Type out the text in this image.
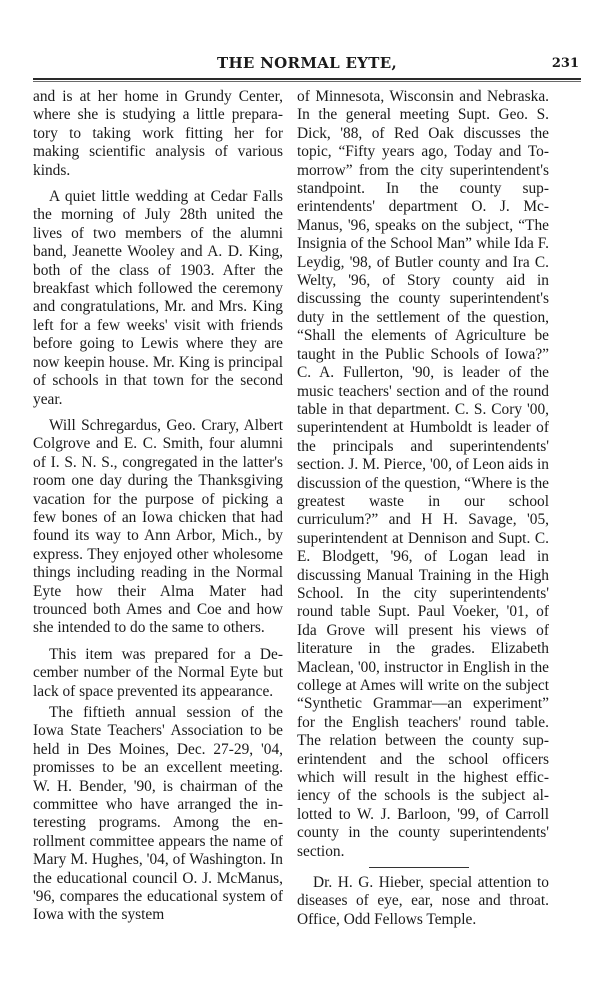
THE NORMAL EYTE,	231

and is at her home in Grundy Center, where she is studying a little preparatory to taking work fitting her for making scientific analysis of various kinds.

A quiet little wedding at Cedar Falls the morning of July 28th united the lives of two members of the alumni band, Jeanette Wooley and A. D. King, both of the class of 1903. After the breakfast which followed the ceremony and congratulations, Mr. and Mrs. King left for a few weeks' visit with friends before going to Lewis where they are now keepin house. Mr. King is principal of schools in that town for the second year.

Will Schregardus, Geo. Crary, Albert Colgrove and E. C. Smith, four alumni of I. S. N. S., congregated in the latter's room one day during the Thanksgiving vacation for the purpose of picking a few bones of an Iowa chicken that had found its way to Ann Arbor, Mich., by express. They enjoyed other wholesome things including reading in the Normal Eyte how their Alma Mater had trounced both Ames and Coe and how she intended to do the same to others.

This item was prepared for a December number of the Normal Eyte but lack of space prevented its appearance.

The fiftieth annual session of the Iowa State Teachers' Association to be held in Des Moines, Dec. 27-29, '04, promisses to be an excellent meeting. W. H. Bender, '90, is chairman of the committee who have arranged the interesting programs. Among the enrollment committee appears the name of Mary M. Hughes, '04, of Washington. In the educational council O. J. McManus, '96, compares the educational system of Iowa with the system

of Minnesota, Wisconsin and Nebraska. In the general meeting Supt. Geo. S. Dick, '88, of Red Oak discusses the topic, “Fifty years ago, Today and Tomorrow” from the city superintendent's standpoint. In the county superintendents' department O. J. McManus, '96, speaks on the subject, “The Insignia of the School Man” while Ida F. Leydig, '98, of Butler county and Ira C. Welty, '96, of Story county aid in discussing the county superintendent's duty in the settlement of the question, “Shall the elements of Agriculture be taught in the Public Schools of Iowa?” C. A. Fullerton, '90, is leader of the music teachers' section and of the round table in that department. C. S. Cory '00, superintendent at Humboldt is leader of the principals and superintendents' section. J. M. Pierce, '00, of Leon aids in discussion of the question, “Where is the greatest waste in our school curriculum?” and H H. Savage, '05, superintendent at Dennison and Supt. C. E. Blodgett, '96, of Logan lead in discussing Manual Training in the High School. In the city superintendents' round table Supt. Paul Voeker, '01, of Ida Grove will present his views of literature in the grades. Elizabeth Maclean, '00, instructor in English in the college at Ames will write on the subject “Synthetic Grammar—an experiment” for the English teachers' round table. The relation between the county superintendent and the school officers which will result in the highest efficiency of the schools is the subject allotted to W. J. Barloon, '99, of Carroll county in the county superintendents' section.

Dr. H. G. Hieber, special attention to diseases of eye, ear, nose and throat. Office, Odd Fellows Temple.
